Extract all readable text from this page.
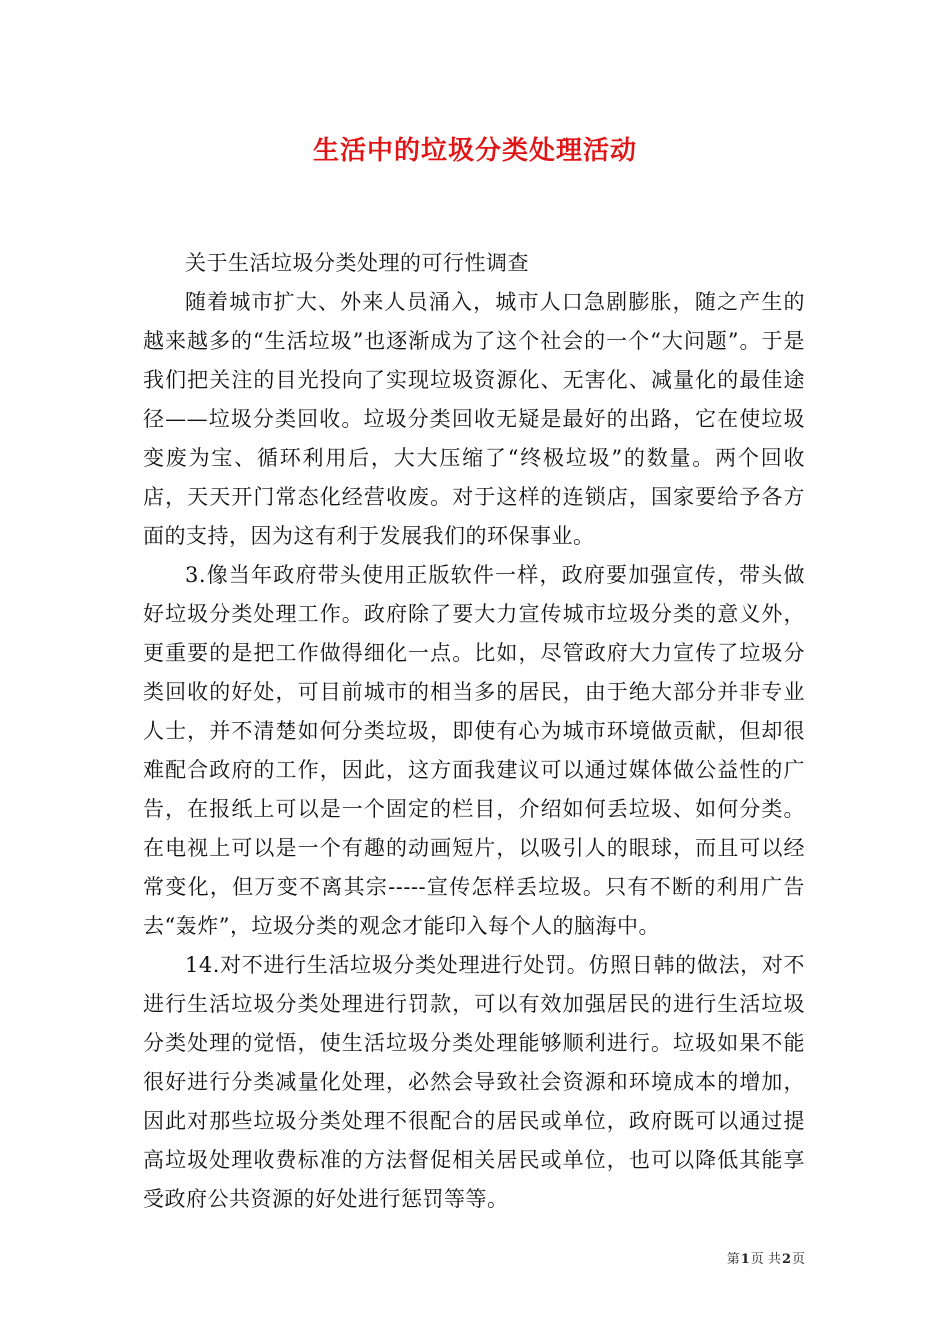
生活中的垃圾分类处理活动

关于生活垃圾分类处理的可行性调查

随着城市扩大、外来人员涌入，城市人口急剧膨胀，随之产生的越来越多的“生活垃圾”也逐渐成为了这个社会的一个“大问题”。于是我们把关注的目光投向了实现垃圾资源化、无害化、减量化的最佳途径——垃圾分类回收。垃圾分类回收无疑是最好的出路，它在使垃圾变废为宝、循环利用后，大大压缩了“终极垃圾”的数量。两个回收店，天天开门常态化经营收废。对于这样的连锁店，国家要给予各方面的支持，因为这有利于发展我们的环保事业。

3.像当年政府带头使用正版软件一样，政府要加强宣传，带头做好垃圾分类处理工作。政府除了要大力宣传城市垃圾分类的意义外，更重要的是把工作做得细化一点。比如，尽管政府大力宣传了垃圾分类回收的好处，可目前城市的相当多的居民，由于绝大部分并非专业人士，并不清楚如何分类垃圾，即使有心为城市环境做贡献，但却很难配合政府的工作，因此，这方面我建议可以通过媒体做公益性的广告，在报纸上可以是一个固定的栏目，介绍如何丢垃圾、如何分类。在电视上可以是一个有趣的动画短片，以吸引人的眼球，而且可以经常变化，但万变不离其宗-----宣传怎样丢垃圾。只有不断的利用广告去“轰炸”，垃圾分类的观念才能印入每个人的脑海中。

14.对不进行生活垃圾分类处理进行处罚。仿照日韩的做法，对不进行生活垃圾分类处理进行罚款，可以有效加强居民的进行生活垃圾分类处理的觉悟，使生活垃圾分类处理能够顺利进行。垃圾如果不能很好进行分类减量化处理，必然会导致社会资源和环境成本的增加，因此对那些垃圾分类处理不很配合的居民或单位，政府既可以通过提高垃圾处理收费标准的方法督促相关居民或单位，也可以降低其能享受政府公共资源的好处进行惩罚等等。

第1页 共2页
